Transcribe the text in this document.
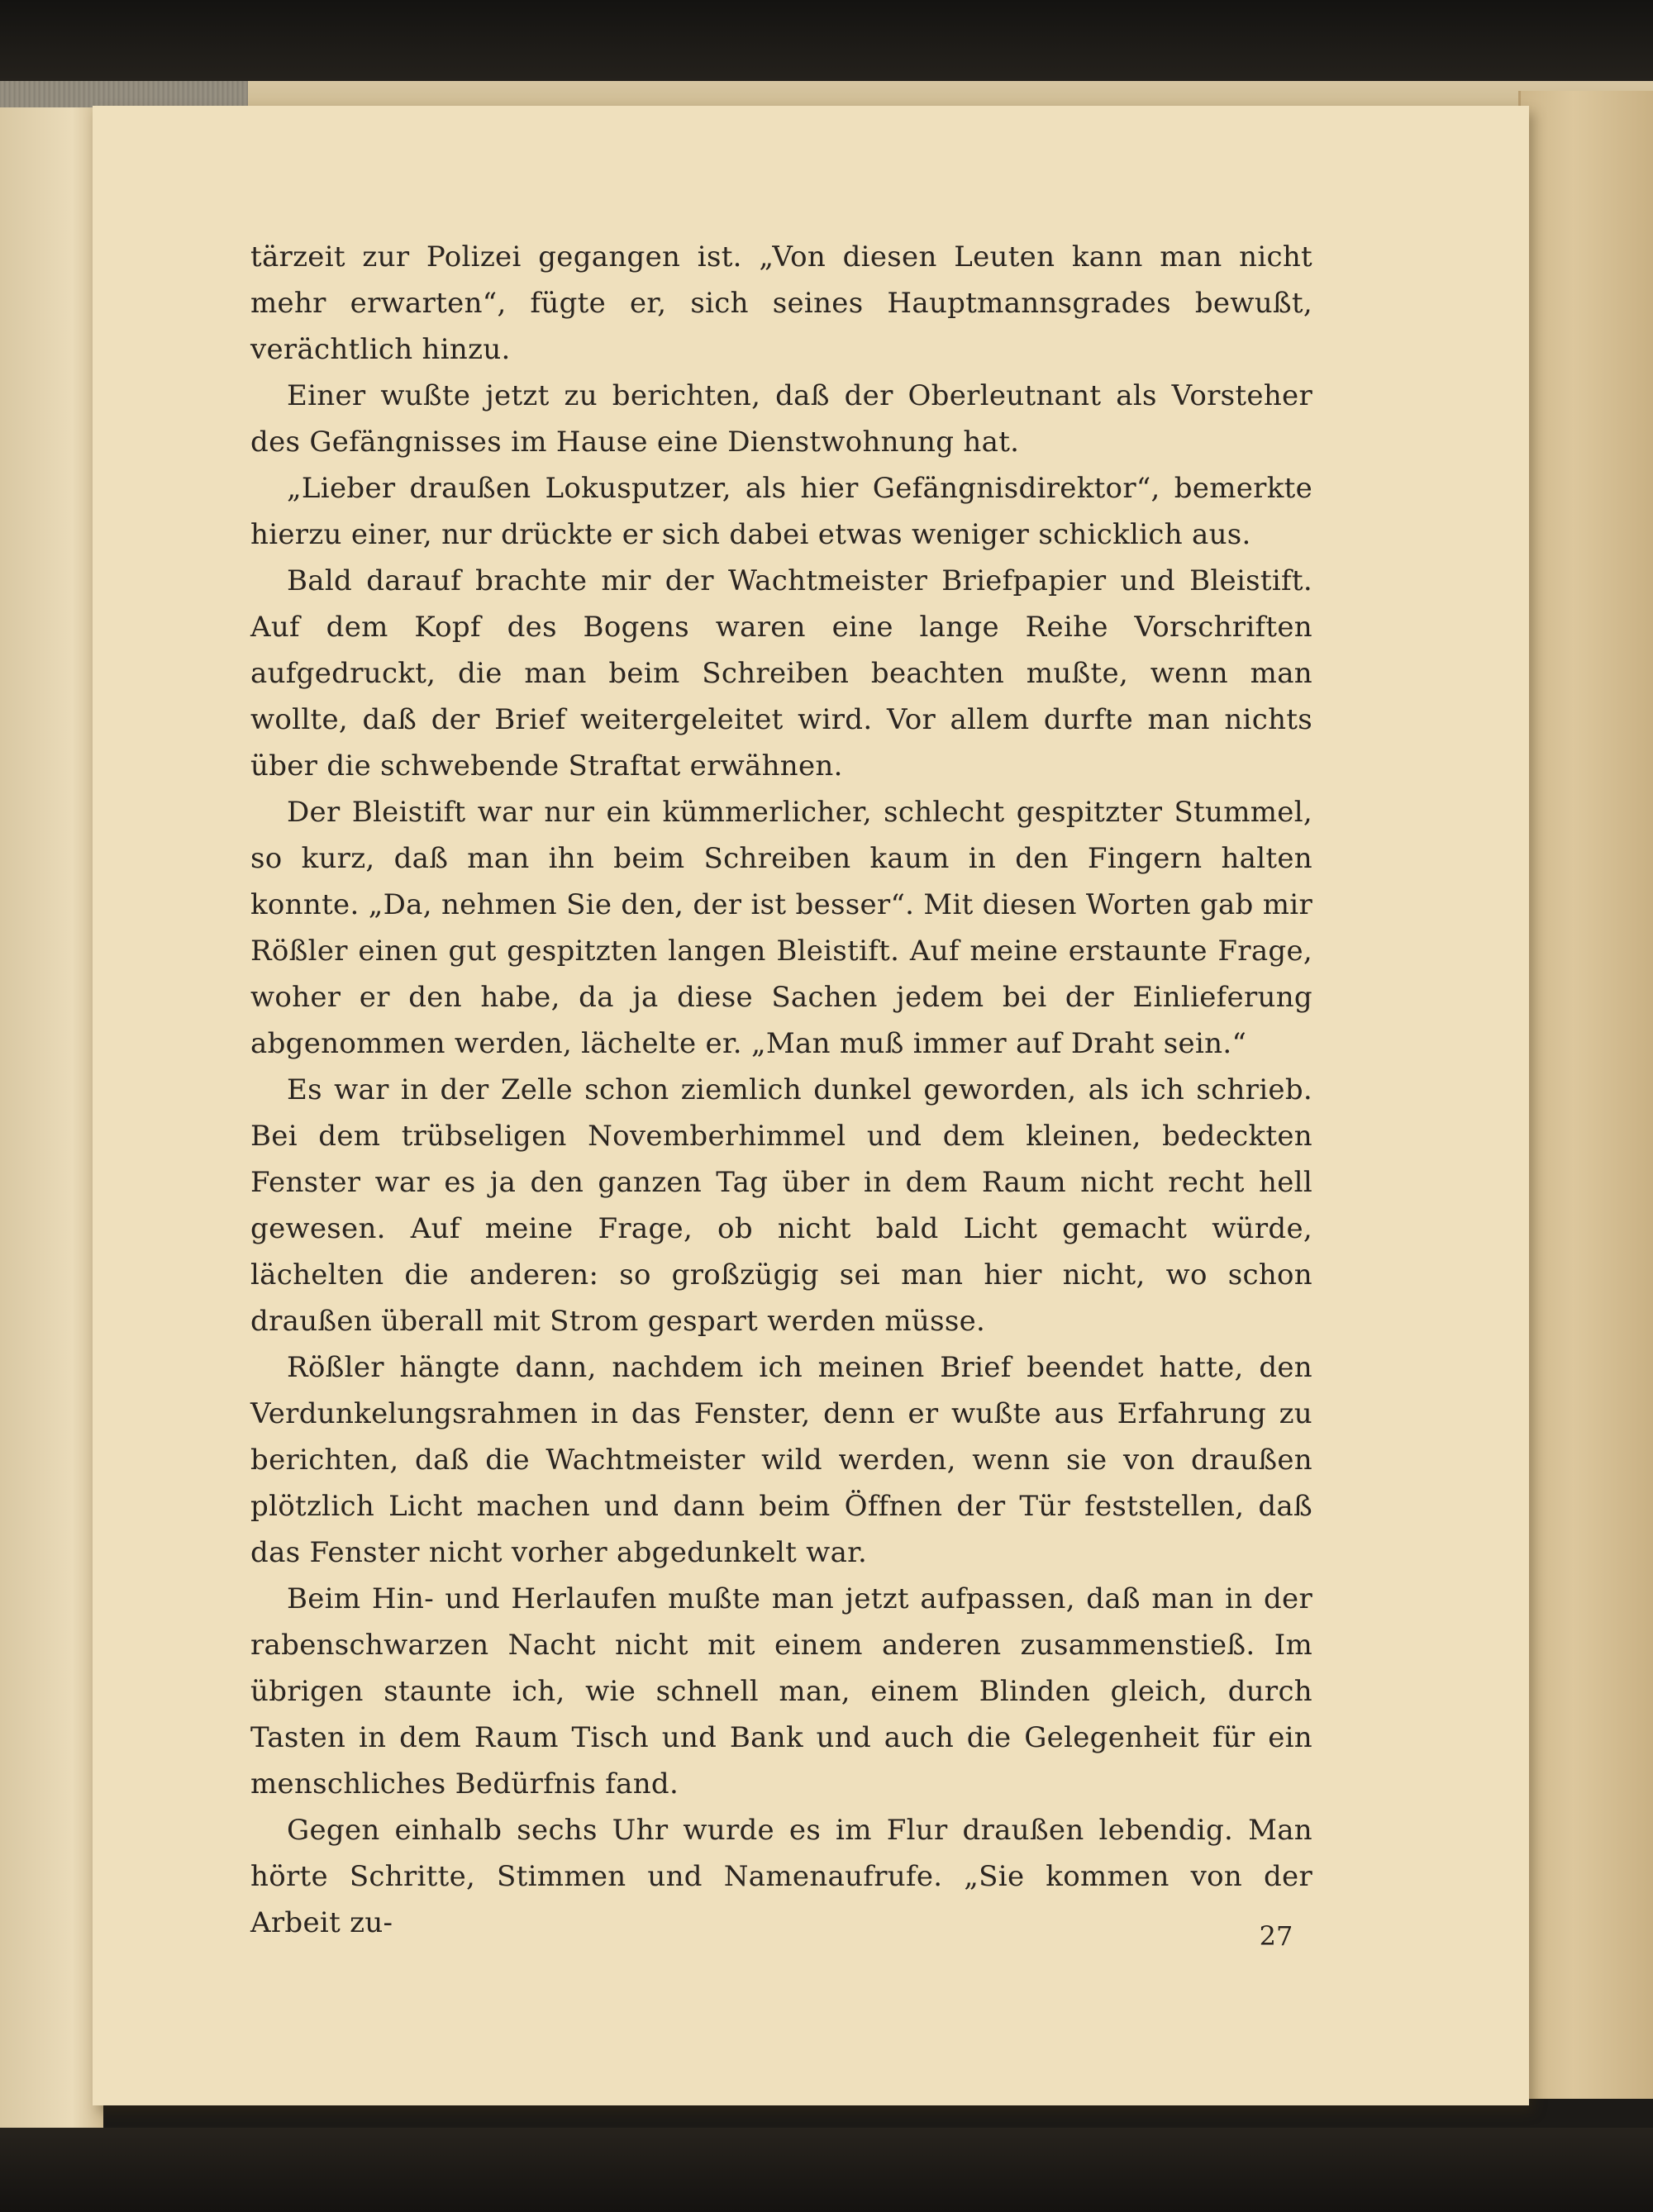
tärzeit zur Polizei gegangen ist. „Von diesen Leuten kann man nicht mehr erwarten“, fügte er, sich seines Hauptmannsgrades bewußt, verächtlich hinzu.

Einer wußte jetzt zu berichten, daß der Oberleutnant als Vorsteher des Gefängnisses im Hause eine Dienstwohnung hat.

„Lieber draußen Lokusputzer, als hier Gefängnisdirektor“, bemerkte hierzu einer, nur drückte er sich dabei etwas weniger schicklich aus.

Bald darauf brachte mir der Wachtmeister Briefpapier und Bleistift. Auf dem Kopf des Bogens waren eine lange Reihe Vorschriften aufgedruckt, die man beim Schreiben beachten mußte, wenn man wollte, daß der Brief weitergeleitet wird. Vor allem durfte man nichts über die schwebende Straftat erwähnen.

Der Bleistift war nur ein kümmerlicher, schlecht gespitzter Stummel, so kurz, daß man ihn beim Schreiben kaum in den Fingern halten konnte. „Da, nehmen Sie den, der ist besser“. Mit diesen Worten gab mir Rößler einen gut gespitzten langen Bleistift. Auf meine erstaunte Frage, woher er den habe, da ja diese Sachen jedem bei der Einlieferung abgenommen werden, lächelte er. „Man muß immer auf Draht sein.“

Es war in der Zelle schon ziemlich dunkel geworden, als ich schrieb. Bei dem trübseligen Novemberhimmel und dem kleinen, bedeckten Fenster war es ja den ganzen Tag über in dem Raum nicht recht hell gewesen. Auf meine Frage, ob nicht bald Licht gemacht würde, lächelten die anderen: so großzügig sei man hier nicht, wo schon draußen überall mit Strom gespart werden müsse.

Rößler hängte dann, nachdem ich meinen Brief beendet hatte, den Verdunkelungsrahmen in das Fenster, denn er wußte aus Erfahrung zu berichten, daß die Wachtmeister wild werden, wenn sie von draußen plötzlich Licht machen und dann beim Öffnen der Tür feststellen, daß das Fenster nicht vorher abgedunkelt war.

Beim Hin- und Herlaufen mußte man jetzt aufpassen, daß man in der rabenschwarzen Nacht nicht mit einem anderen zusammenstieß. Im übrigen staunte ich, wie schnell man, einem Blinden gleich, durch Tasten in dem Raum Tisch und Bank und auch die Gelegenheit für ein menschliches Bedürfnis fand.

Gegen einhalb sechs Uhr wurde es im Flur draußen lebendig. Man hörte Schritte, Stimmen und Namenaufrufe. „Sie kommen von der Arbeit zu-	27
